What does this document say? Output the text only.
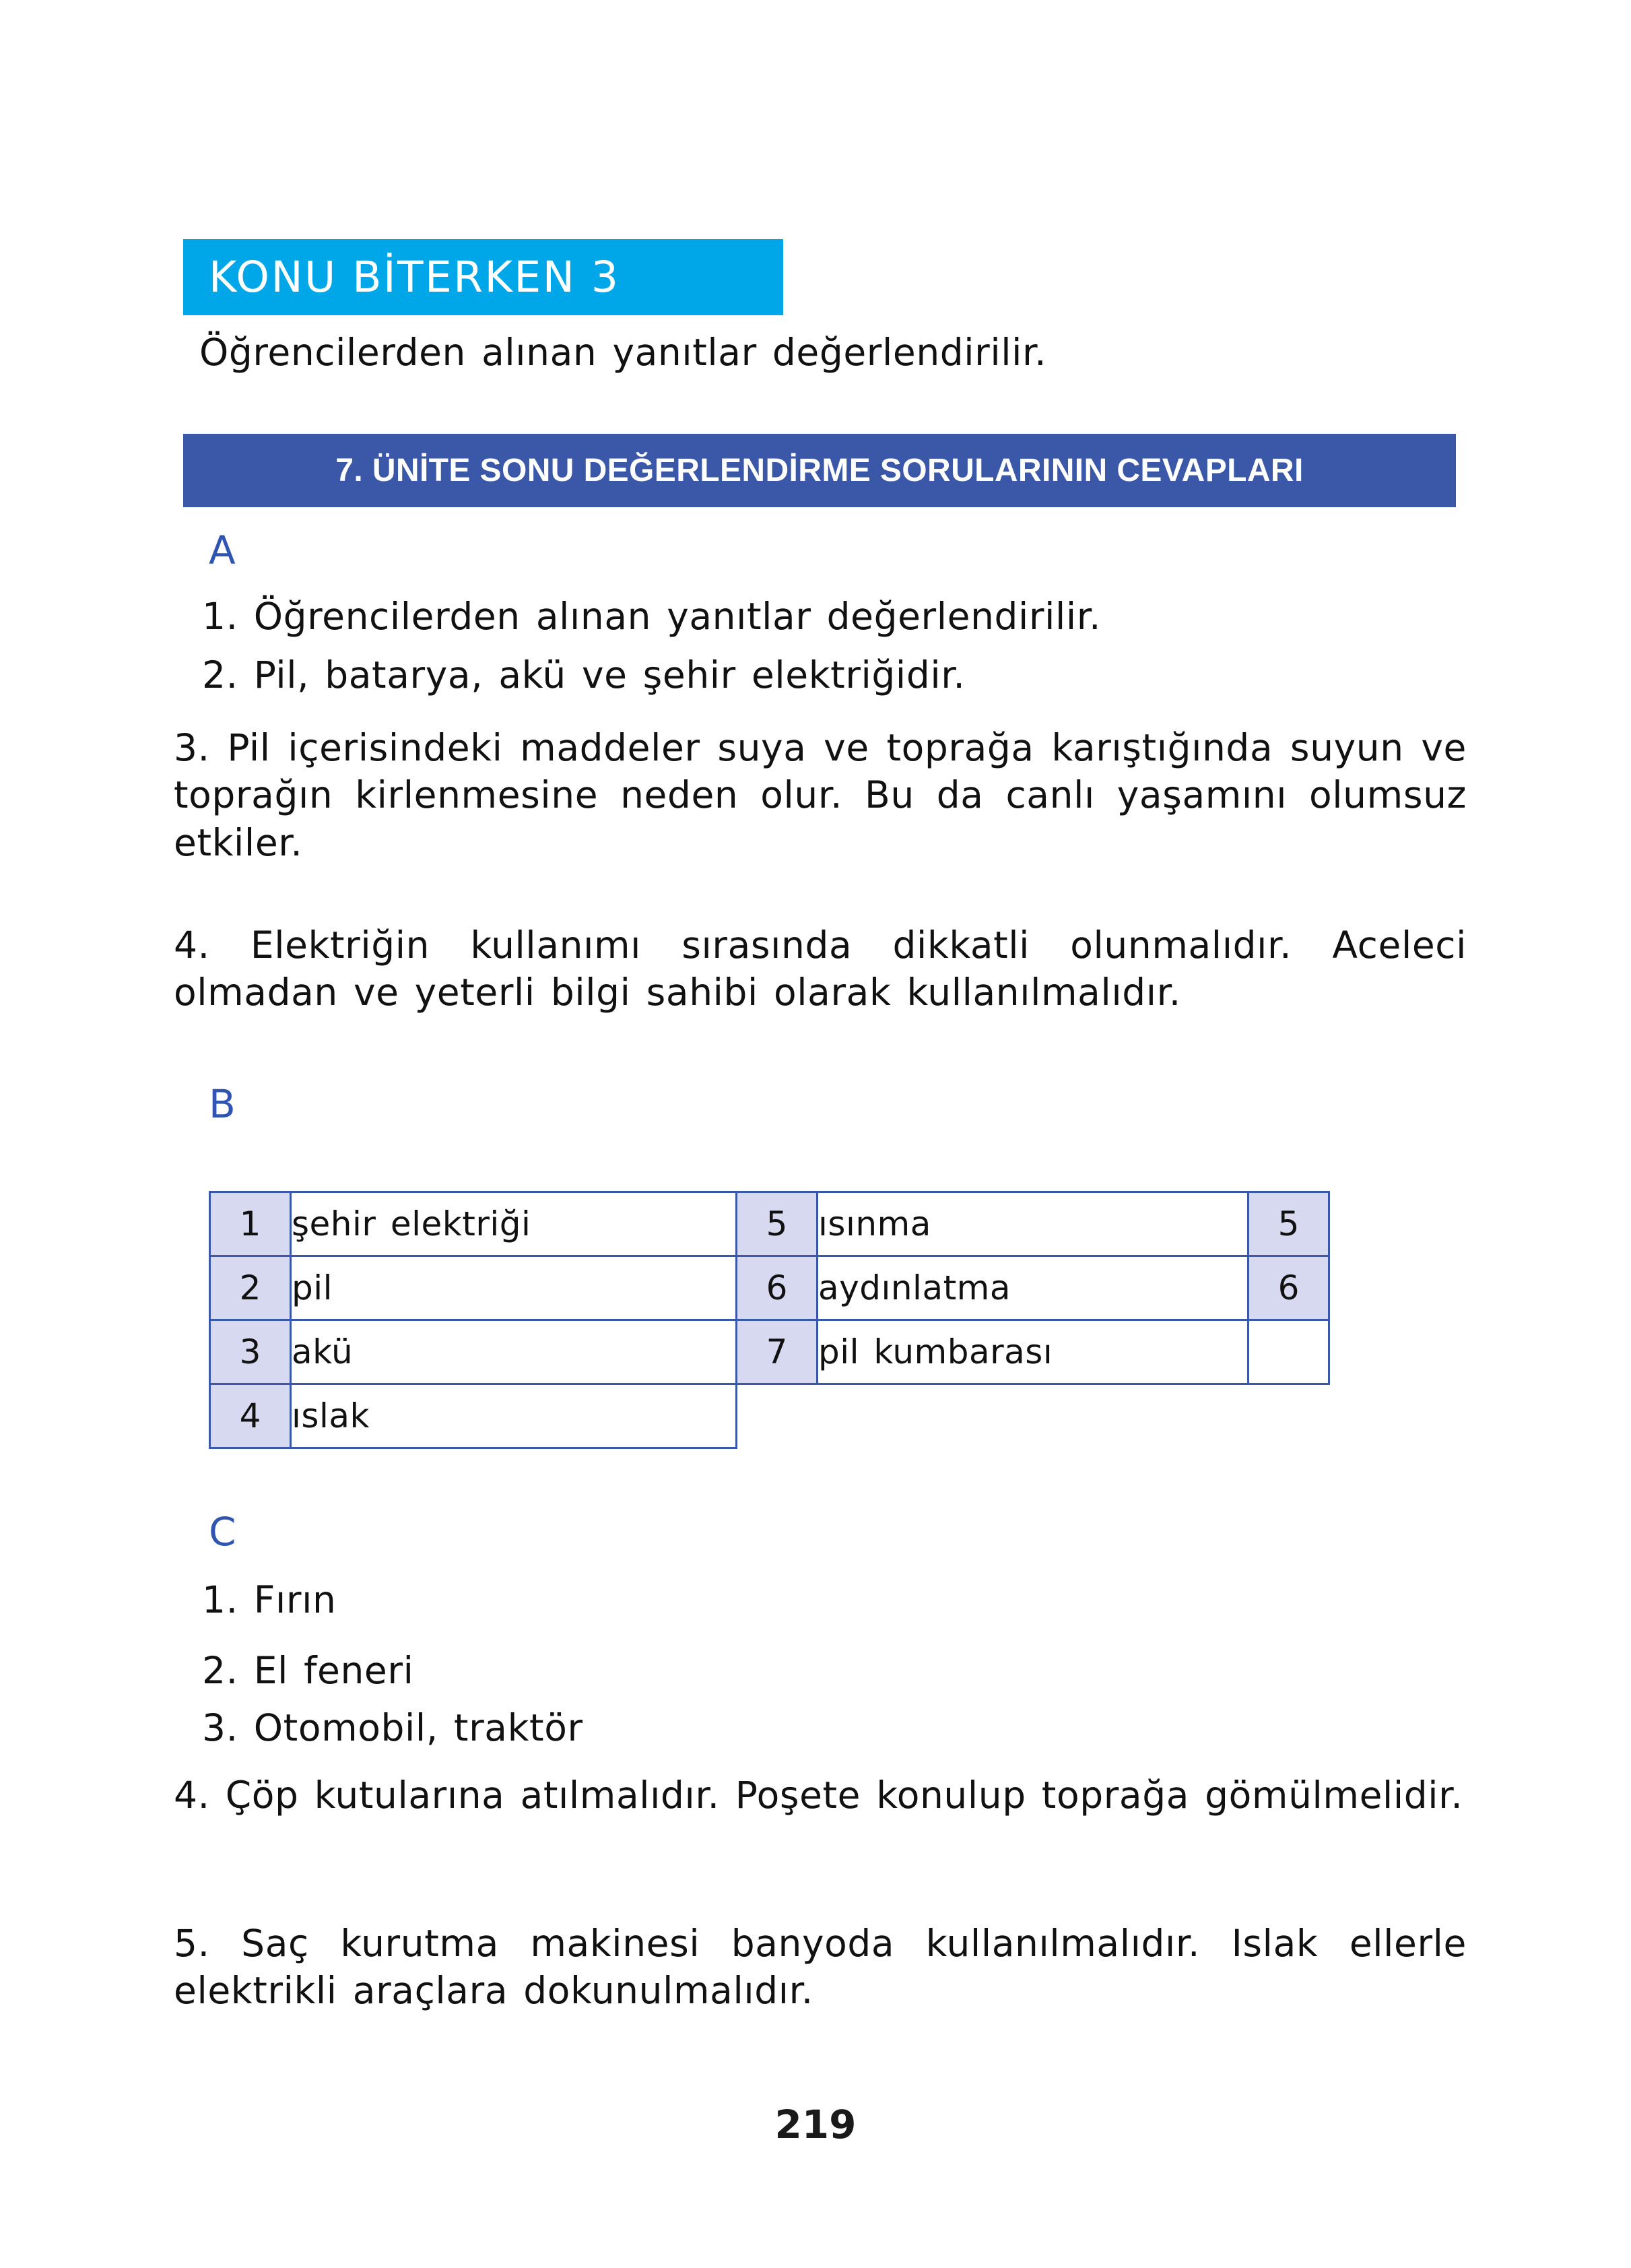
KONU BİTERKEN 3
Öğrencilerden alınan yanıtlar değerlendirilir.
7. ÜNİTE SONU DEĞERLENDİRME SORULARININ CEVAPLARI
A
1. Öğrencilerden alınan yanıtlar değerlendirilir.
2. Pil, batarya, akü ve şehir elektriğidir.
3. Pil içerisindeki maddeler suya ve toprağa karıştığında suyun ve toprağın kirlenmesine neden olur. Bu da canlı yaşamını olumsuz etkiler.
4. Elektriğin kullanımı sırasında dikkatli olunmalıdır. Aceleci olmadan ve yeterli bilgi sahibi olarak kullanılmalıdır.
B
1	şehir elektriği	5	ısınma	5
2	pil	6	aydınlatma	6
3	akü	7	pil kumbarası	
4	ıslak			
C
1. Fırın
2. El feneri
3. Otomobil, traktör
4. Çöp kutularına atılmalıdır. Poşete konulup toprağa gömülmelidir.
5. Saç kurutma makinesi banyoda kullanılmalıdır. Islak ellerle elektrikli araçlara dokunulmalıdır.
219
